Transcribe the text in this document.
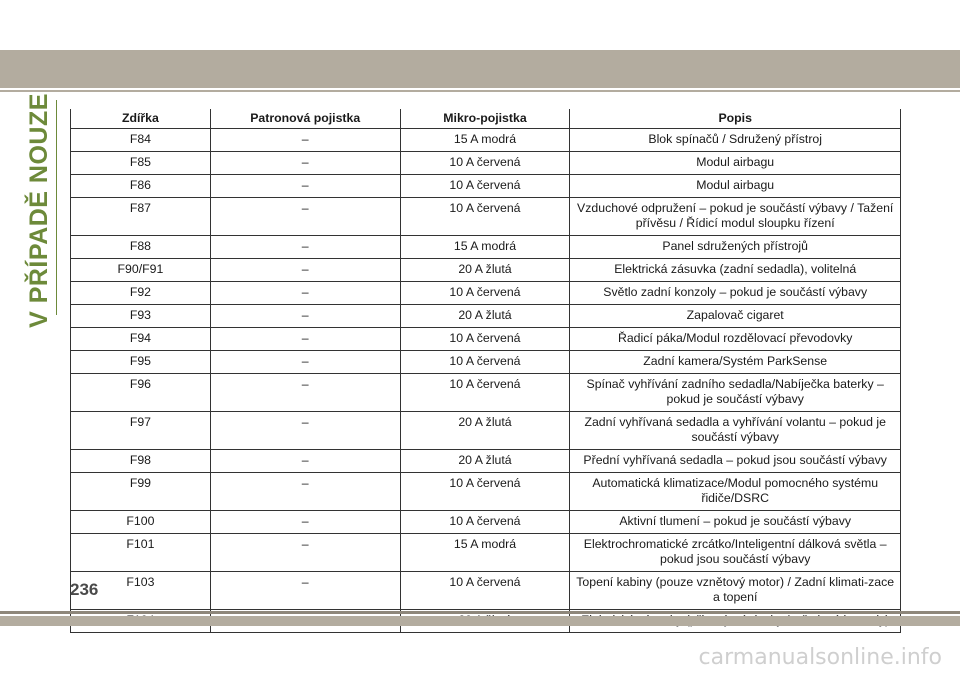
V PŘÍPADĚ NOUZE	Zdířka	Patronová pojistka	Mikro-pojistka	Popis
F84	–	15 A modrá	Blok spínačů / Sdružený přístroj
F85	–	10 A červená	Modul airbagu
F86	–	10 A červená	Modul airbagu
F87	–	10 A červená	Vzduchové odpružení – pokud je součástí výbavy / Tažení přívěsu / Řídicí modul sloupku řízení
F88	–	15 A modrá	Panel sdružených přístrojů
F90/F91	–	20 A žlutá	Elektrická zásuvka (zadní sedadla), volitelná
F92	–	10 A červená	Světlo zadní konzoly – pokud je součástí výbavy
F93	–	20 A žlutá	Zapalovač cigaret
F94	–	10 A červená	Řadicí páka/Modul rozdělovací převodovky
F95	–	10 A červená	Zadní kamera/Systém ParkSense
F96	–	10 A červená	Spínač vyhřívání zadního sedadla/Nabíječka baterky – pokud je součástí výbavy
F97	–	20 A žlutá	Zadní vyhřívaná sedadla a vyhřívání volantu – pokud je součástí výbavy
F98	–	20 A žlutá	Přední vyhřívaná sedadla – pokud jsou součástí výbavy
F99	–	10 A červená	Automatická klimatizace/Modul pomocného systému řidiče/DSRC
F100	–	10 A červená	Aktivní tlumení – pokud je součástí výbavy
F101	–	15 A modrá	Elektrochromatické zrcátko/Inteligentní dálková světla – pokud jsou součástí výbavy
F103	–	10 A červená	Topení kabiny (pouze vznětový motor) / Zadní klimati-zace a topení

236
carmanualsonline.info
